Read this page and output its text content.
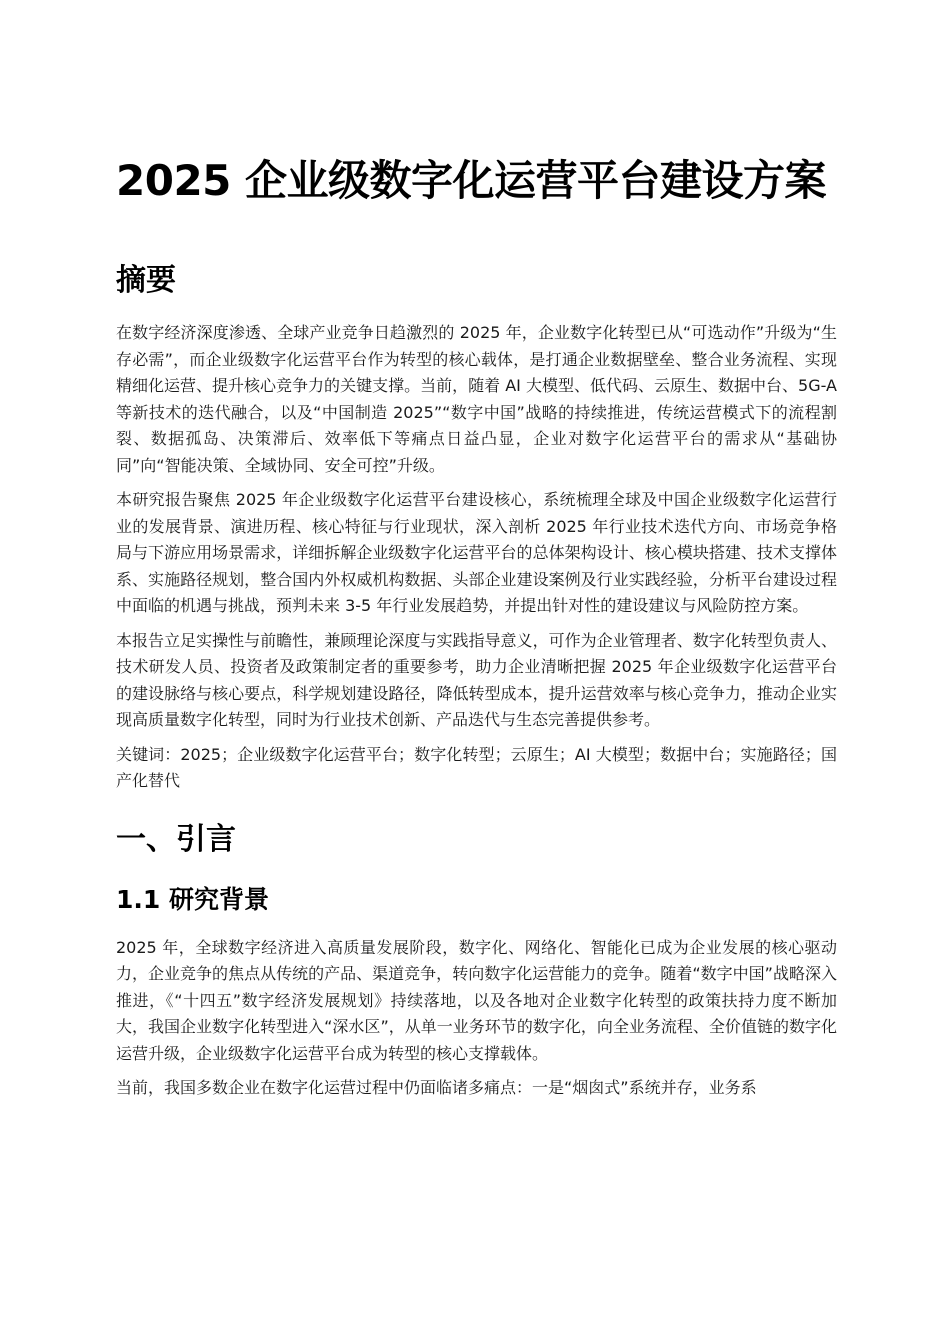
2025 企业级数字化运营平台建设方案
摘要

在数字经济深度渗透、全球产业竞争日趋激烈的 2025 年，企业数字化转型已从“可选动作”升级为“生存必需”，而企业级数字化运营平台作为转型的核心载体，是打通企业数据壁垒、整合业务流程、实现精细化运营、提升核心竞争力的关键支撑。当前，随着 AI 大模型、低代码、云原生、数据中台、5G-A 等新技术的迭代融合，以及“中国制造 2025”“数字中国”战略的持续推进，传统运营模式下的流程割裂、数据孤岛、决策滞后、效率低下等痛点日益凸显，企业对数字化运营平台的需求从“基础协同”向“智能决策、全域协同、安全可控”升级。

本研究报告聚焦 2025 年企业级数字化运营平台建设核心，系统梳理全球及中国企业级数字化运营行业的发展背景、演进历程、核心特征与行业现状，深入剖析 2025 年行业技术迭代方向、市场竞争格局与下游应用场景需求，详细拆解企业级数字化运营平台的总体架构设计、核心模块搭建、技术支撑体系、实施路径规划，整合国内外权威机构数据、头部企业建设案例及行业实践经验，分析平台建设过程中面临的机遇与挑战，预判未来 3-5 年行业发展趋势，并提出针对性的建设建议与风险防控方案。

本报告立足实操性与前瞻性，兼顾理论深度与实践指导意义，可作为企业管理者、数字化转型负责人、技术研发人员、投资者及政策制定者的重要参考，助力企业清晰把握 2025 年企业级数字化运营平台的建设脉络与核心要点，科学规划建设路径，降低转型成本，提升运营效率与核心竞争力，推动企业实现高质量数字化转型，同时为行业技术创新、产品迭代与生态完善提供参考。

关键词：2025；企业级数字化运营平台；数字化转型；云原生；AI 大模型；数据中台；实施路径；国产化替代

一、引言
1.1 研究背景

2025 年，全球数字经济进入高质量发展阶段，数字化、网络化、智能化已成为企业发展的核心驱动力，企业竞争的焦点从传统的产品、渠道竞争，转向数字化运营能力的竞争。随着“数字中国”战略深入推进，《“十四五”数字经济发展规划》持续落地，以及各地对企业数字化转型的政策扶持力度不断加大，我国企业数字化转型进入“深水区”，从单一业务环节的数字化，向全业务流程、全价值链的数字化运营升级，企业级数字化运营平台成为转型的核心支撑载体。

当前，我国多数企业在数字化运营过程中仍面临诸多痛点：一是“烟囱式”系统并存，业务系
